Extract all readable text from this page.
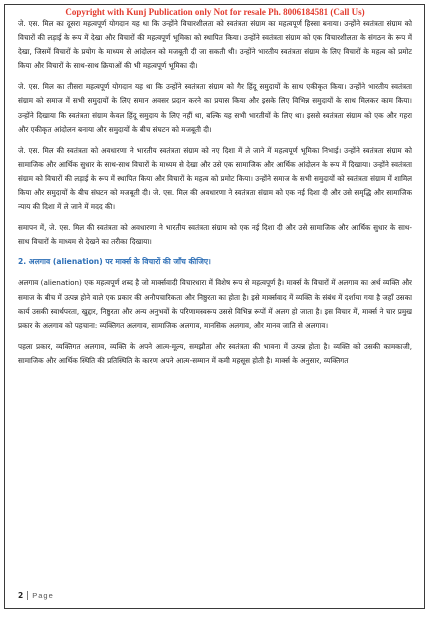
Copyright with Kunj Publication only Not for resale Ph. 8006184581 (Call Us)

जे. एस. मिल का दूसरा महत्वपूर्ण योगदान यह था कि उन्होंने विचारशीलता को स्वतंत्रता संग्राम का महत्वपूर्ण हिस्सा बनाया। उन्होंने स्वतंत्रता संग्राम को विचारों की लड़ाई के रूप में देखा और विचारों की महत्वपूर्ण भूमिका को स्थापित किया। उन्होंने स्वतंत्रता संग्राम को एक विचारशीलता के संगठन के रूप में देखा, जिसमें विचारों के प्रयोग के माध्यम से आंदोलन को मजबूती दी जा सकती थी। उन्होंने भारतीय स्वतंत्रता संग्राम के लिए विचारों के महत्व को प्रमोट किया और विचारों के साथ-साथ क्रियाओं की भी महत्वपूर्ण भूमिका दी।

जे. एस. मिल का तीसरा महत्वपूर्ण योगदान यह था कि उन्होंने स्वतंत्रता संग्राम को गैर हिंदू समुदायों के साथ एकीकृत किया। उन्होंने भारतीय स्वतंत्रता संग्राम को समाज में सभी समुदायों के लिए समान अवसर प्रदान करने का प्रयास किया और इसके लिए विभिन्न समुदायों के साथ मिलकर काम किया। उन्होंने दिखाया कि स्वतंत्रता संग्राम केवल हिंदू समुदाय के लिए नहीं था, बल्कि यह सभी भारतीयों के लिए था। इससे स्वतंत्रता संग्राम को एक और गहरा और एकीकृत आंदोलन बनाया और समुदायों के बीच संघटन को मजबूती दी।

जे. एस. मिल की स्वतंत्रता को अवधारणा ने भारतीय स्वतंत्रता संग्राम को नए दिशा में ले जाने में महत्वपूर्ण भूमिका निभाई। उन्होंने स्वतंत्रता संग्राम को सामाजिक और आर्थिक सुधार के साथ-साथ विचारों के माध्यम से देखा और उसे एक सामाजिक और आर्थिक आंदोलन के रूप में दिखाया। उन्होंने स्वतंत्रता संग्राम को विचारों की लड़ाई के रूप में स्थापित किया और विचारों के महत्व को प्रमोट किया। उन्होंने समाज के सभी समुदायों को स्वतंत्रता संग्राम में शामिल किया और समुदायों के बीच संघटन को मजबूती दी। जे. एस. मिल की अवधारणा ने स्वतंत्रता संग्राम को एक नई दिशा दी और उसे समृद्धि और सामाजिक न्याय की दिशा में ले जाने में मदद की।

समापन में, जे. एस. मिल की स्वतंत्रता को अवधारणा ने भारतीय स्वतंत्रता संग्राम को एक नई दिशा दी और उसे सामाजिक और आर्थिक सुधार के साथ-साथ विचारों के माध्यम से देखने का तरीका दिखाया।

2. अलगाव (alienation) पर मार्क्स के विचारों की जाँच कीजिए।

अलगाव (alienation) एक महत्वपूर्ण शब्द है जो मार्क्सवादी विचारधारा में विशेष रूप से महत्वपूर्ण है। मार्क्स के विचारों में अलगाव का अर्थ व्यक्ति और समाज के बीच में उत्पन्न होने वाले एक प्रकार की अनौपचारिकता और निष्ठुरता का होता है। इसे मार्क्सवाद में व्यक्ति के संबंध में दर्शाया गया है जहाँ उसका कार्य उसकी स्वार्थपरता, खुद्दार, निष्ठुरता और अन्य अनुभवों के परिणामस्वरूप उससे विभिन्न रूपों में अलग हो जाता है। इस विचार में, मार्क्स ने चार प्रमुख प्रकार के अलगाव को पहचाना: व्यक्तिगत अलगाव, सामाजिक अलगाव, मानसिक अलगाव, और मानव जाति से अलगाव।

पहला प्रकार, व्यक्तिगत अलगाव, व्यक्ति के अपने आत्म-मूल्य, समझौता और स्वतंत्रता की भावना में उत्पन्न होता है। व्यक्ति को उसकी कामकाजी, सामाजिक और आर्थिक स्थिति की प्रतिस्थिति के कारण अपने आत्म-सम्मान में कमी महसूस होती है। मार्क्स के अनुसार, व्यक्तिगत

2 Page
